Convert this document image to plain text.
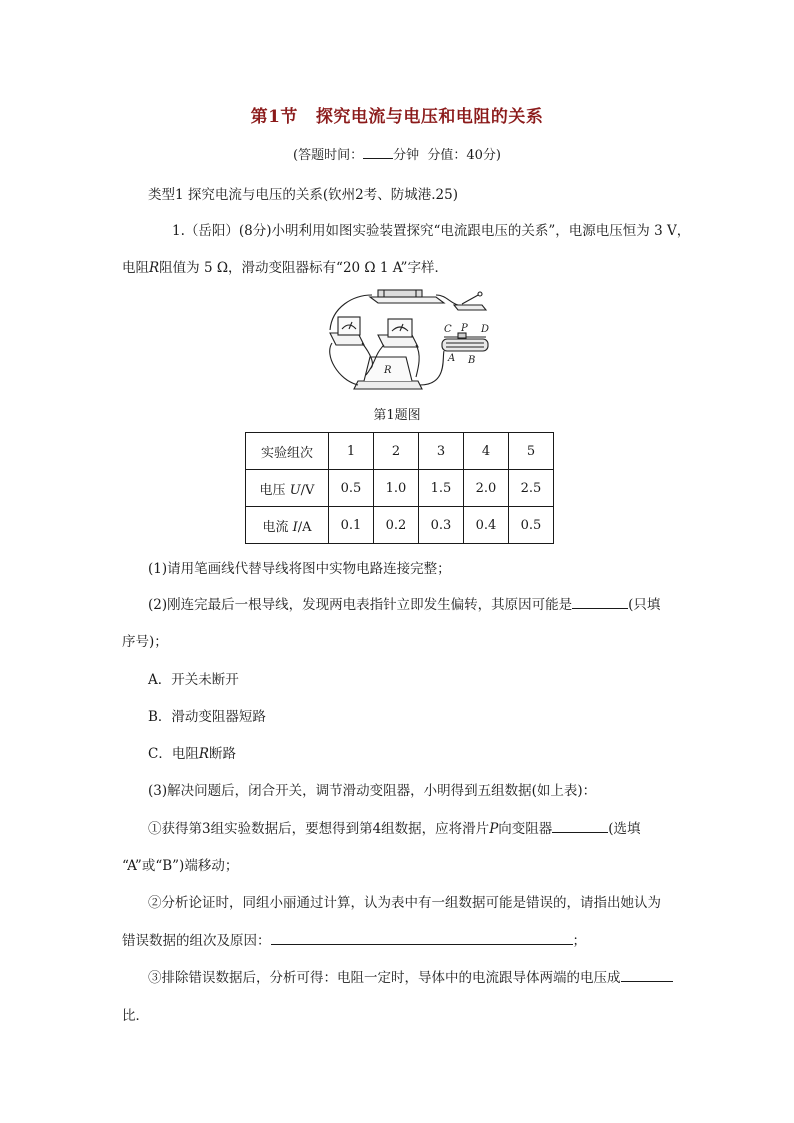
第1节 探究电流与电压和电阻的关系
(答题时间： 分钟 分值：40分)
类型1 探究电流与电压的关系(钦州2考、防城港.25)
1.（岳阳）(8分)小明利用如图实验装置探究“电流跟电压的关系”，电源电压恒为 3 V，
电阻R阻值为 5 Ω，滑动变阻器标有“20 Ω 1 A”字样．
C P D
A B
R
第1题图
实验组次	1	2	3	4	5
电压 U/V	0.5	1.0	1.5	2.0	2.5
电流 I/A	0.1	0.2	0.3	0.4	0.5
(1)请用笔画线代替导线将图中实物电路连接完整；
(2)刚连完最后一根导线，发现两电表指针立即发生偏转，其原因可能是	(只填
序号)；
A．开关未断开
B．滑动变阻器短路
C．电阻R断路
(3)解决问题后，闭合开关，调节滑动变阻器，小明得到五组数据(如上表)：
①获得第3组实验数据后，要想得到第4组数据，应将滑片P向变阻器	(选填
“A”或“B”)端移动；
②分析论证时，同组小丽通过计算，认为表中有一组数据可能是错误的，请指出她认为
错误数据的组次及原因：	；
③排除错误数据后，分析可得：电阻一定时，导体中的电流跟导体两端的电压成
比．
